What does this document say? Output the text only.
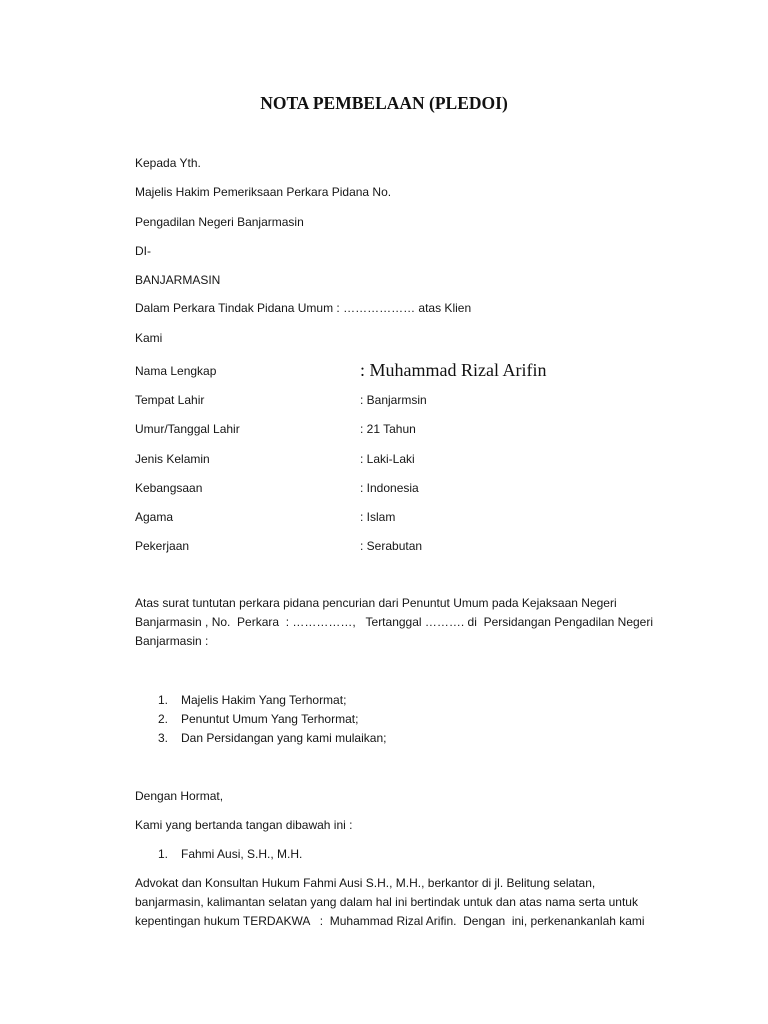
NOTA PEMBELAAN (PLEDOI)
Kepada Yth.
Majelis Hakim Pemeriksaan Perkara Pidana No.
Pengadilan Negeri Banjarmasin
DI-
BANJARMASIN
Dalam Perkara Tindak Pidana Umum : ……………… atas Klien
Kami
Nama Lengkap	: Muhammad Rizal Arifin
Tempat Lahir	: Banjarmsin
Umur/Tanggal Lahir	: 21 Tahun
Jenis Kelamin	: Laki-Laki
Kebangsaan	: Indonesia
Agama	: Islam
Pekerjaan	: Serabutan
Atas surat tuntutan perkara pidana pencurian dari Penuntut Umum pada Kejaksaan Negeri
Banjarmasin , No.  Perkara  : ……………,   Tertanggal ………. di  Persidangan Pengadilan Negeri
Banjarmasin :
1. Majelis Hakim Yang Terhormat;
2. Penuntut Umum Yang Terhormat;
3. Dan Persidangan yang kami mulaikan;
Dengan Hormat,
Kami yang bertanda tangan dibawah ini :
1. Fahmi Ausi, S.H., M.H.
Advokat dan Konsultan Hukum Fahmi Ausi S.H., M.H., berkantor di jl. Belitung selatan,
banjarmasin, kalimantan selatan yang dalam hal ini bertindak untuk dan atas nama serta untuk
kepentingan hukum TERDAKWA   :  Muhammad Rizal Arifin.  Dengan  ini, perkenankanlah kami
